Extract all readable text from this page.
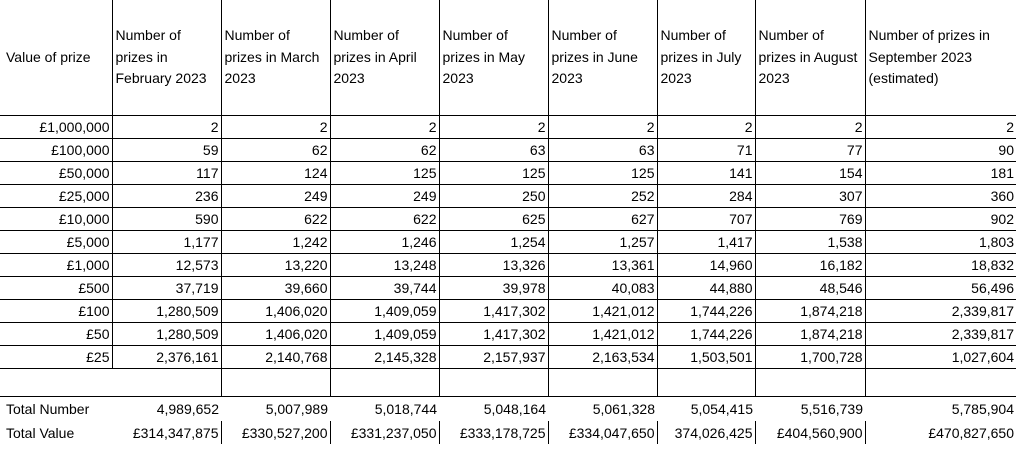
Value of prize	Number of prizes in February 2023	Number of prizes in March 2023	Number of prizes in April 2023	Number of prizes in May 2023	Number of prizes in June 2023	Number of prizes in July 2023	Number of prizes in August 2023	Number of prizes in September 2023 (estimated)
£1,000,000	2	2	2	2	2	2	2	2
£100,000	59	62	62	63	63	71	77	90
£50,000	117	124	125	125	125	141	154	181
£25,000	236	249	249	250	252	284	307	360
£10,000	590	622	622	625	627	707	769	902
£5,000	1,177	1,242	1,246	1,254	1,257	1,417	1,538	1,803
£1,000	12,573	13,220	13,248	13,326	13,361	14,960	16,182	18,832
£500	37,719	39,660	39,744	39,978	40,083	44,880	48,546	56,496
£100	1,280,509	1,406,020	1,409,059	1,417,302	1,421,012	1,744,226	1,874,218	2,339,817
£50	1,280,509	1,406,020	1,409,059	1,417,302	1,421,012	1,744,226	1,874,218	2,339,817
£25	2,376,161	2,140,768	2,145,328	2,157,937	2,163,534	1,503,501	1,700,728	1,027,604

Total Number	4,989,652	5,007,989	5,018,744	5,048,164	5,061,328	5,054,415	5,516,739	5,785,904
Total Value	£314,347,875	£330,527,200	£331,237,050	£333,178,725	£334,047,650	374,026,425	£404,560,900	£470,827,650
